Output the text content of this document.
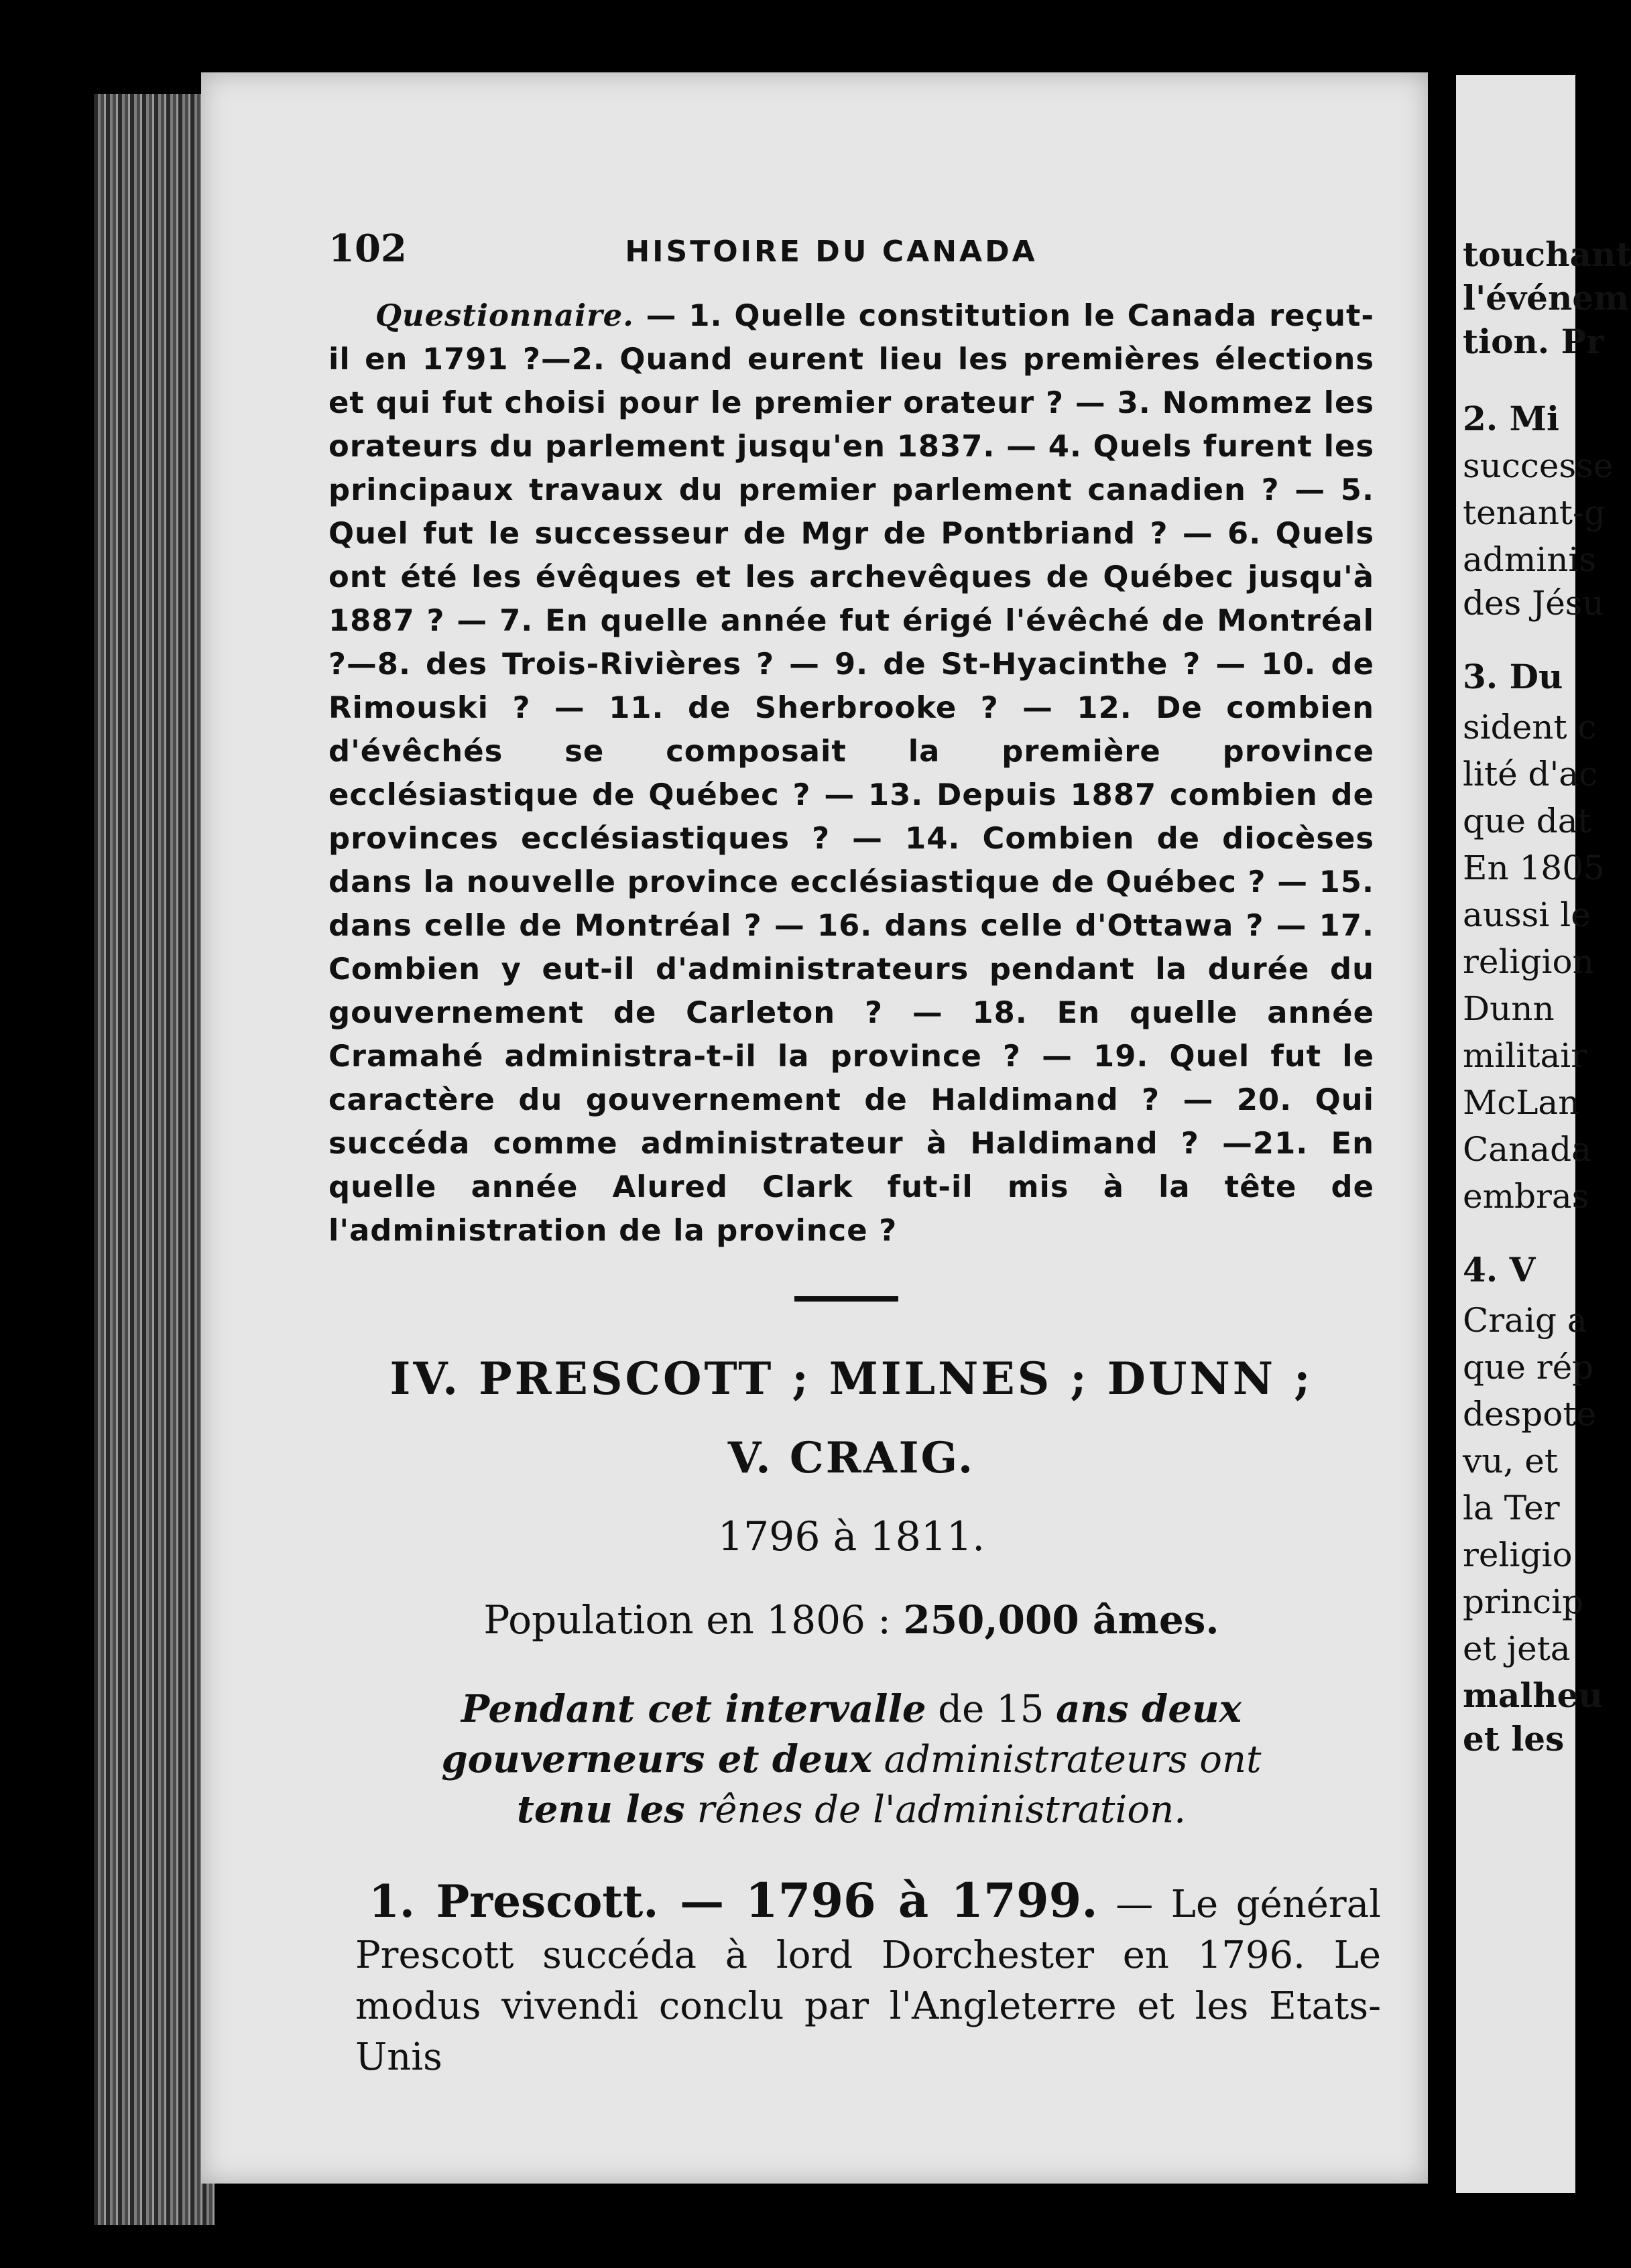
102	HISTOIRE DU CANADA

Questionnaire. — 1. Quelle constitution le Canada reçut-il en 1791 ?—2. Quand eurent lieu les premières élections et qui fut choisi pour le premier orateur ? — 3. Nommez les orateurs du parlement jusqu'en 1837. — 4. Quels furent les principaux travaux du premier parlement canadien ? — 5. Quel fut le successeur de Mgr de Pontbriand ? — 6. Quels ont été les évêques et les archevêques de Québec jusqu'à 1887 ? — 7. En quelle année fut érigé l'évêché de Montréal ?—8. des Trois-Rivières ? — 9. de St-Hyacinthe ? — 10. de Rimouski ? — 11. de Sherbrooke ? — 12. De combien d'évêchés se composait la première province ecclésiastique de Québec ? — 13. Depuis 1887 combien de provinces ecclésiastiques ? — 14. Combien de diocèses dans la nouvelle province ecclésiastique de Québec ? — 15. dans celle de Montréal ? — 16. dans celle d'Ottawa ? — 17. Combien y eut-il d'administrateurs pendant la durée du gouvernement de Carleton ? — 18. En quelle année Cramahé administra-t-il la province ? — 19. Quel fut le caractère du gouvernement de Haldimand ? — 20. Qui succéda comme administrateur à Haldimand ? —21. En quelle année Alured Clark fut-il mis à la tête de l'administration de la province ?

IV. PRESCOTT ; MILNES ; DUNN ;
V. CRAIG.
1796 à 1811.
Population en 1806 : 250,000 âmes.
Pendant cet intervalle de 15 ans deux gouverneurs et deux administrateurs ont tenu les rênes de l'administration.

1. Prescott. — 1796 à 1799. — Le général Prescott succéda à lord Dorchester en 1796. Le modus vivendi conclu par l'Angleterre et les Etats-Unis

touchant
l'événem
tion. Pr
2. Mi
successe
tenant-g
adminis
des Jésu
3. Du
sident c
lité d'ac
que dat
En 1805
aussi le
religion
Dunn
militair
McLan
Canada
embras
4. V
Craig a
que rép
despote
vu, et
la Ter
religio
princip
et jeta
malheu
et les
